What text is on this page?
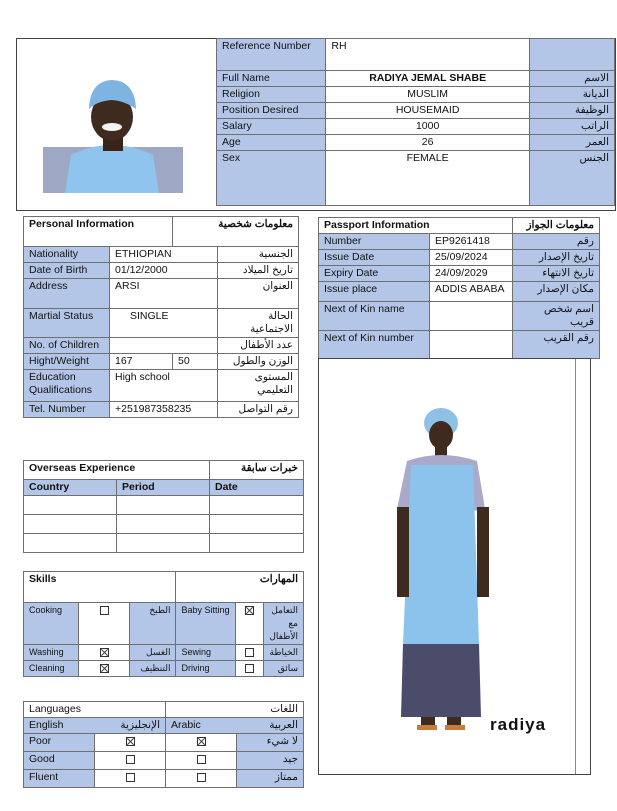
Reference Number	RH	
Full Name	RADIYA JEMAL SHABE	الاسم
Religion	MUSLIM	الديانة
Position Desired	HOUSEMAID	الوظيفة
Salary	1000	الراتب
Age	26	العمر
Sex	FEMALE	الجنس
Personal Information		معلومات شخصية	
Nationality	ETHIOPIAN		الجنسية
Date of Birth	01/12/2000		تاريخ الميلاد
Address	ARSI		العنوان
Martial Status	SINGLE		الحالة الاجتماعية
No. of Children			عدد الأطفال
Hight/Weight	167	50	الوزن والطول
Education Qualifications	High school		المستوى التعليمي
Tel. Number	+251987358235		رقم التواصل
Passport Information		معلومات الجواز
Number	EP9261418	رقم
Issue Date	25/09/2024	تاريخ الإصدار
Expiry Date	24/09/2029	تاريخ الانتهاء
Issue place	ADDIS ABABA	مكان الإصدار
Next of Kin name		اسم شخص قريب
Next of Kin number		رقم القريب
radiya
Overseas Experience		خبرات سابقة
Country	Period	Date

Skills			المهارات		
Cooking		الطبخ	Baby Sitting		التعامل مع الأطفال
Washing		الغسل	Sewing		الخياطة
Cleaning		التنظيف	Driving		سائق
Languages		اللغات	

English الإنجليزية		Arabic العربية	

Poor			لا شيء
Good			جيد
Fluent			ممتاز
